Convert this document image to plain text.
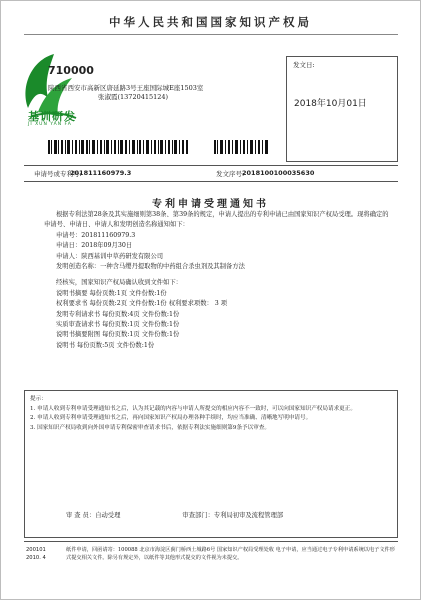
中华人民共和国国家知识产权局
基训研发
JI XUN YAN FA
710000
陕西省西安市高新区唐延路3号王座国际城E座1503室
张淑霞(13720415124)
发文日:
2018年10月01日
申请号或专利号:
201811160979.3	发文序号:
2018100100035630
专利申请受理通知书

根据专利法第28条及其实施细则第38条、第39条的规定，申请人提出的专利申请已由国家知识产权局受理。现将确定的申请号、申请日、申请人和发明创造名称通知如下：

申请号：201811160979.3

申请日：2018年09月30日

申请人：陕西基训中草药研发有限公司

发明创造名称：一种含马缨丹提取物的中药组合杀虫剂及其制备方法

经核实，国家知识产权局确认收到文件如下：

说明书摘要 每份页数:1页 文件份数:1份

权利要求书 每份页数:2页 文件份数:1份 权利要求项数： 3 项

发明专利请求书 每份页数:4页 文件份数:1份

实质审查请求书 每份页数:1页 文件份数:1份

说明书摘要附图 每份页数:1页 文件份数:1份

说明书 每份页数:5页 文件份数:1份

提示：

1. 申请人收到专利申请受理通知书之后，认为其记载的内容与申请人所提交的相应内容不一致时，可以向国家知识产权局请求更正。

2. 申请人收到专利申请受理通知书之后，再向国家知识产权局办理各种手续时，均应当准确、清晰地写明申请号。

3. 国家知识产权局收到向外国申请专利保密审查请求书后，依据专利法实施细则第9条予以审查。

审 查 员：自动受理	审查部门：专利局初审及流程管理部
200101
2010. 4
纸件申请，回函请寄：100088 北京市海淀区蓟门桥西土城路6号 国家知识产权局受理处收 电子申请，应当通过电子专利申请系统以电子文件形式提交相关文件。除另有规定外，以纸件等其他形式提交的文件视为未提交。
